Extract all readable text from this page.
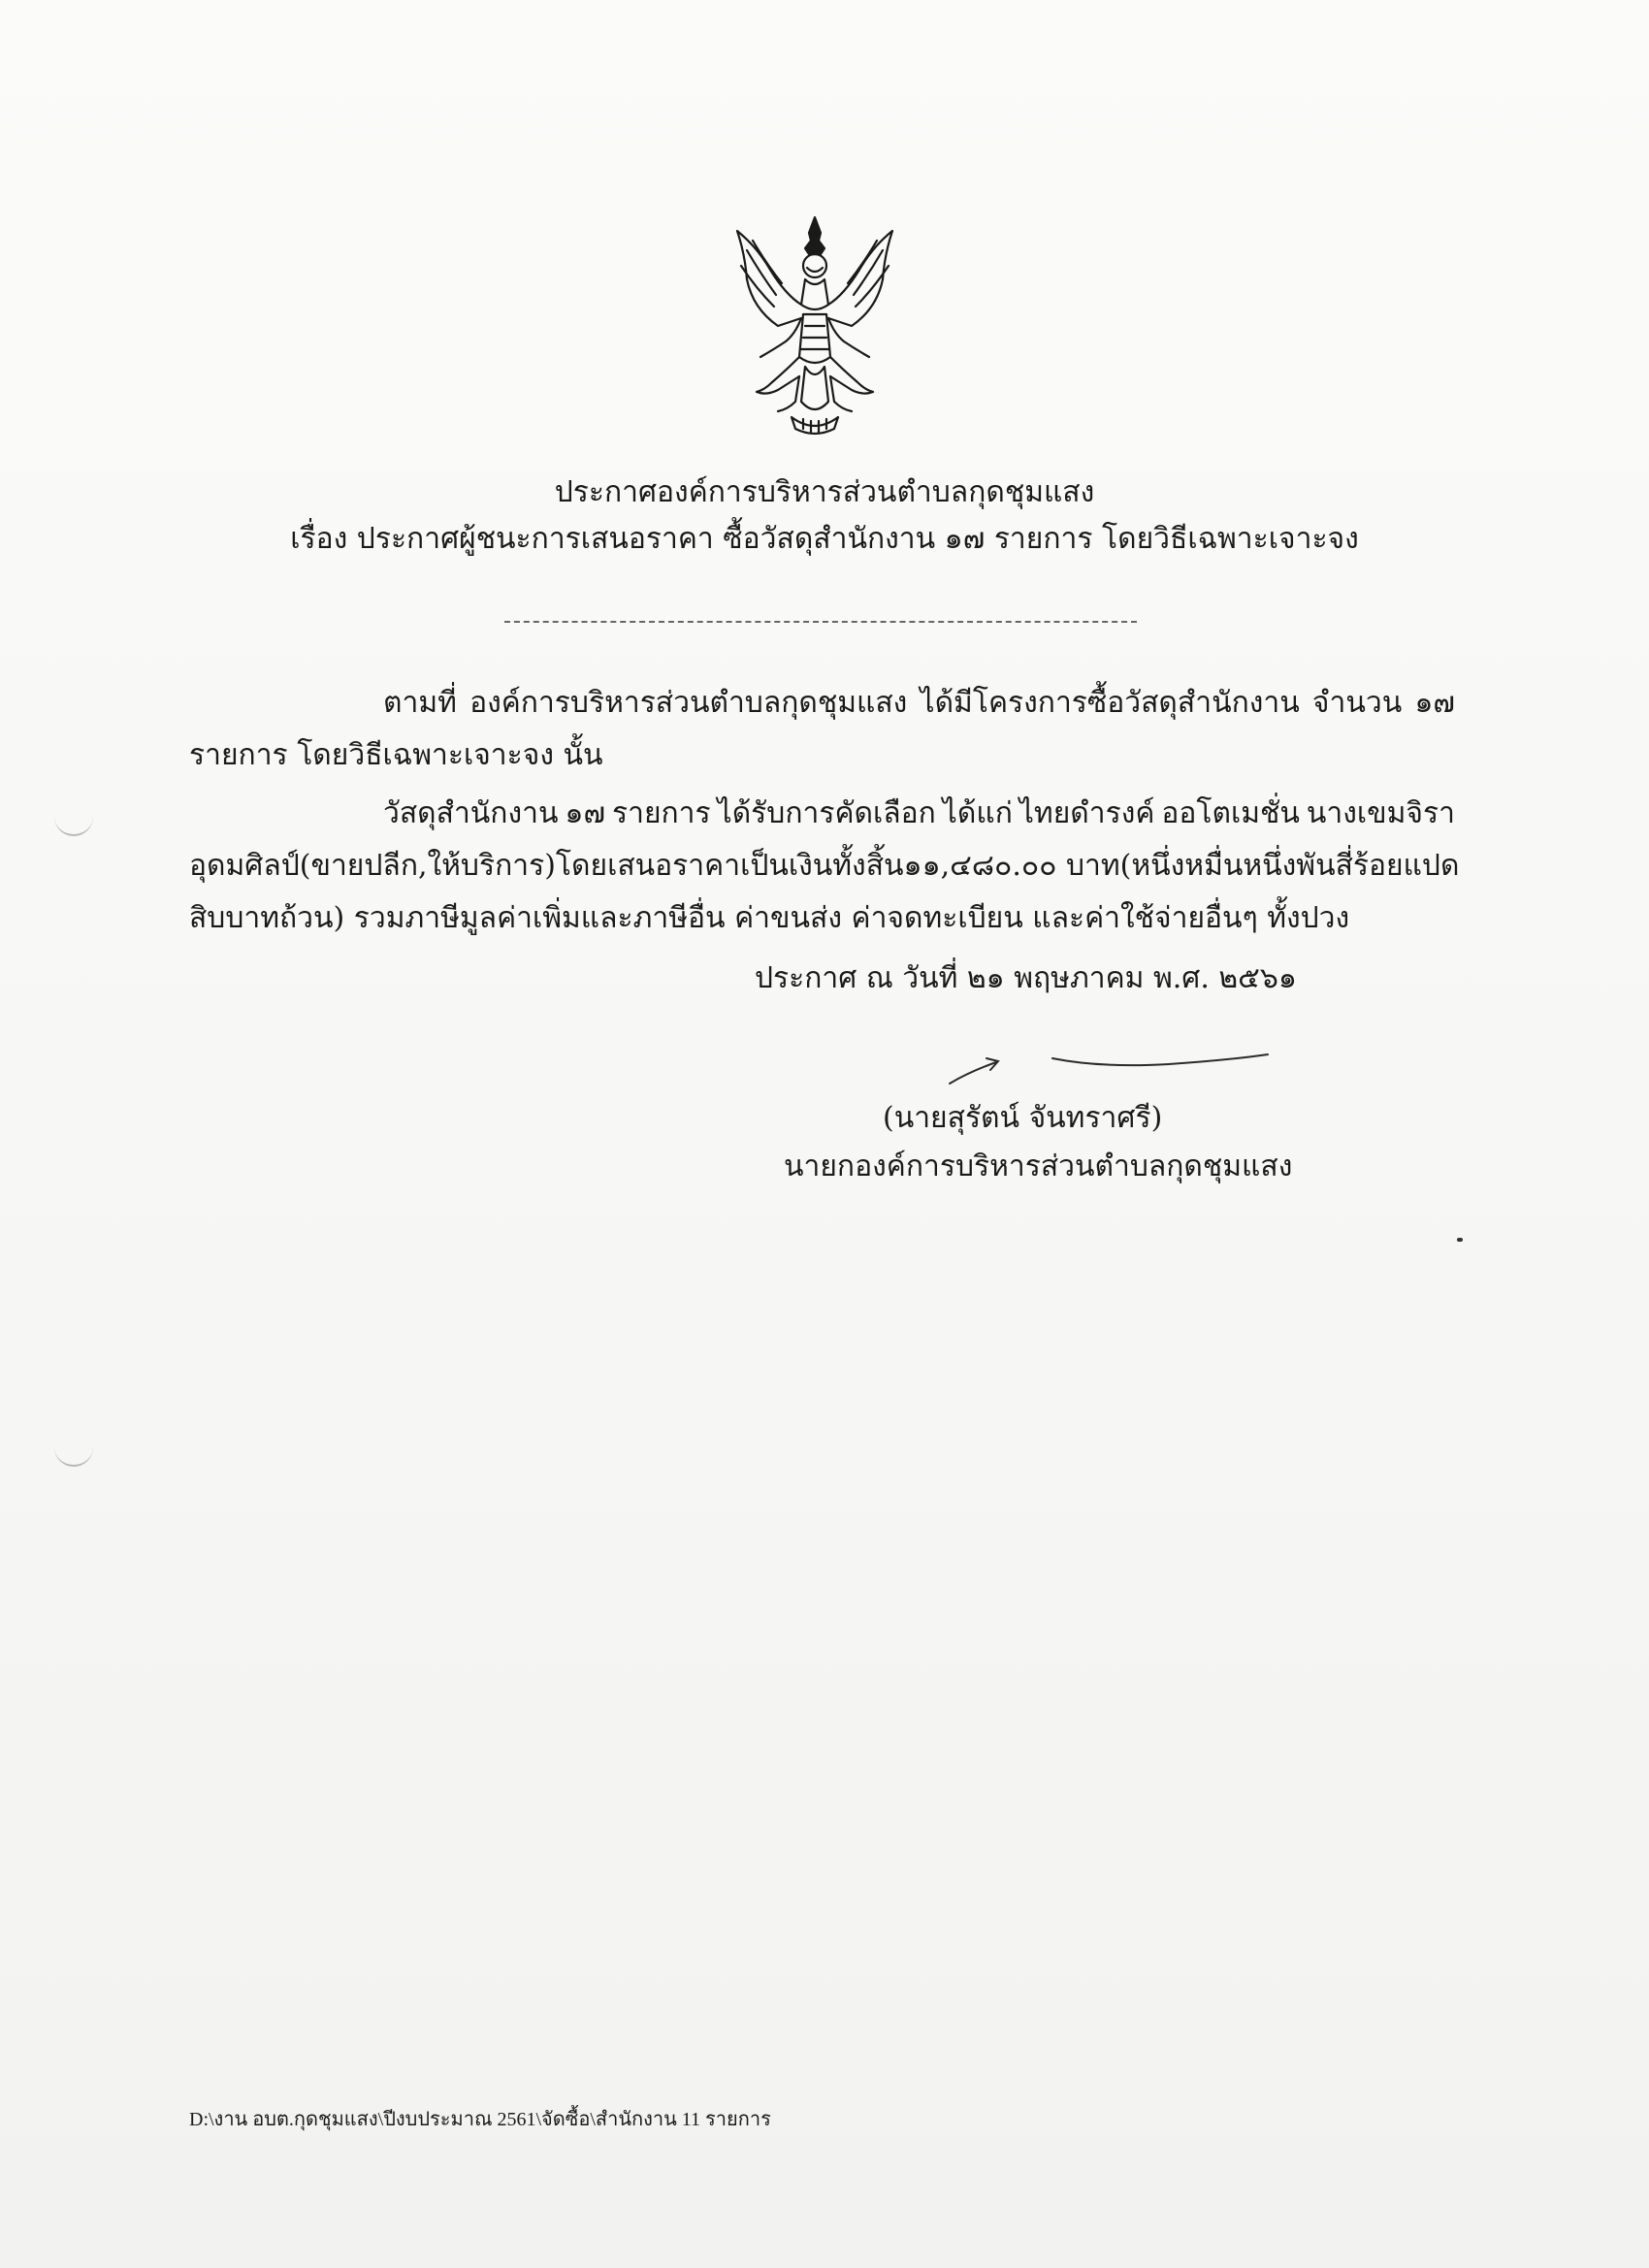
ประกาศองค์การบริหารส่วนตำบลกุดชุมแสง
เรื่อง ประกาศผู้ชนะการเสนอราคา ซื้อวัสดุสำนักงาน ๑๗ รายการ โดยวิธีเฉพาะเจาะจง
ตามที่ องค์การบริหารส่วนตำบลกุดชุมแสง ได้มีโครงการซื้อวัสดุสำนักงาน จำนวน ๑๗
รายการ โดยวิธีเฉพาะเจาะจง นั้น
วัสดุสำนักงาน ๑๗ รายการ ได้รับการคัดเลือก ได้แก่ ไทยดำรงค์ ออโตเมชั่น นางเขมจิรา
อุดมศิลป์ (ขายปลีก,ให้บริการ) โดยเสนอราคา เป็นเงินทั้งสิ้น ๑๑,๔๘๐.๐๐ บาท (หนึ่งหมื่นหนึ่งพันสี่ร้อยแปด
สิบบาทถ้วน) รวมภาษีมูลค่าเพิ่มและภาษีอื่น ค่าขนส่ง ค่าจดทะเบียน และค่าใช้จ่ายอื่นๆ ทั้งปวง
ประกาศ ณ วันที่ ๒๑ พฤษภาคม พ.ศ. ๒๕๖๑
(นายสุรัตน์ จันทราศรี)
นายกองค์การบริหารส่วนตำบลกุดชุมแสง
D:\งาน อบต.กุดชุมแสง\ปีงบประมาณ 2561\จัดซื้อ\สำนักงาน 11 รายการ
